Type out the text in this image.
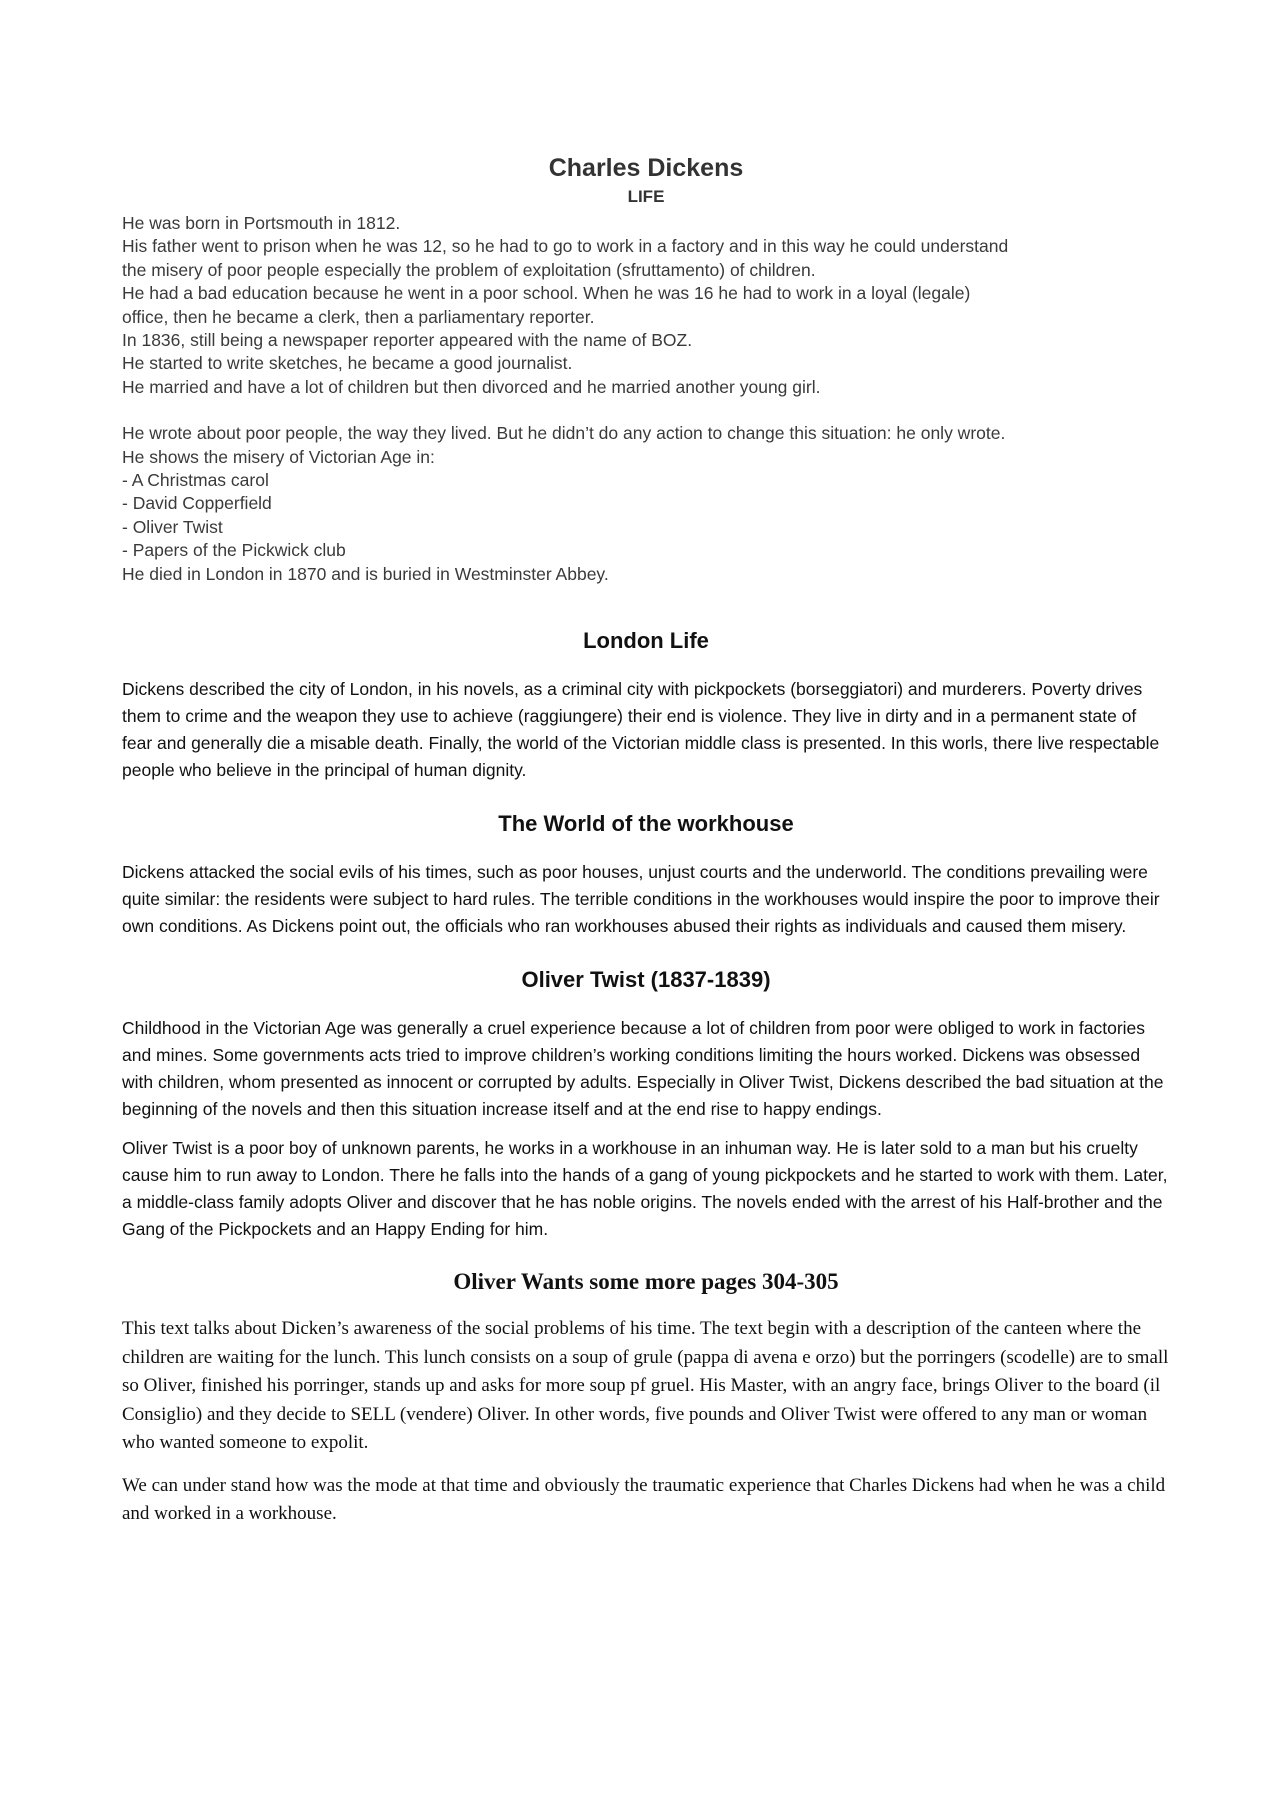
Charles Dickens
LIFE

He was born in Portsmouth in 1812.

His father went to prison when he was 12, so he had to go to work in a factory and in this way he could understand

the misery of poor people especially the problem of exploitation (sfruttamento) of children.

He had a bad education because he went in a poor school. When he was 16 he had to work in a loyal (legale)

office, then he became a clerk, then a parliamentary reporter.

In 1836, still being a newspaper reporter appeared with the name of BOZ.

He started to write sketches, he became a good journalist.

He married and have a lot of children but then divorced and he married another young girl.

He wrote about poor people, the way they lived. But he didn’t do any action to change this situation: he only wrote.

He shows the misery of Victorian Age in:

- A Christmas carol

- David Copperfield

- Oliver Twist

- Papers of the Pickwick club

He died in London in 1870 and is buried in Westminster Abbey.

London Life

Dickens described the city of London, in his novels, as a criminal city with pickpockets (borseggiatori) and murderers. Poverty drives them to crime and the weapon they use to achieve (raggiungere) their end is violence. They live in dirty and in a permanent state of fear and generally die a misable death. Finally, the world of the Victorian middle class is presented. In this worls, there live respectable people who believe in the principal of human dignity.

The World of the workhouse

Dickens attacked the social evils of his times, such as poor houses, unjust courts and the underworld. The conditions prevailing were quite similar: the residents were subject to hard rules. The terrible conditions in the workhouses would inspire the poor to improve their own conditions. As Dickens point out, the officials who ran workhouses abused their rights as individuals and caused them misery.

Oliver Twist (1837-1839)

Childhood in the Victorian Age was generally a cruel experience because a lot of children from poor were obliged to work in factories and mines. Some governments acts tried to improve children’s working conditions limiting the hours worked. Dickens was obsessed with children, whom presented as innocent or corrupted by adults. Especially in Oliver Twist, Dickens described the bad situation at the beginning of the novels and then this situation increase itself and at the end rise to happy endings.

Oliver Twist is a poor boy of unknown parents, he works in a workhouse in an inhuman way. He is later sold to a man but his cruelty cause him to run away to London. There he falls into the hands of a gang of young pickpockets and he started to work with them. Later, a middle-class family adopts Oliver and discover that he has noble origins. The novels ended with the arrest of his Half-brother and the Gang of the Pickpockets and an Happy Ending for him.

Oliver Wants some more pages 304-305

This text talks about Dicken’s awareness of the social problems of his time. The text begin with a description of the canteen where the children are waiting for the lunch. This lunch consists on a soup of grule (pappa di avena e orzo) but the porringers (scodelle) are to small so Oliver, finished his porringer, stands up and asks for more soup pf gruel. His Master, with an angry face, brings Oliver to the board (il Consiglio) and they decide to SELL (vendere) Oliver. In other words, five pounds and Oliver Twist were offered to any man or woman who wanted someone to expolit.

We can under stand how was the mode at that time and obviously the traumatic experience that Charles Dickens had when he was a child and worked in a workhouse.
